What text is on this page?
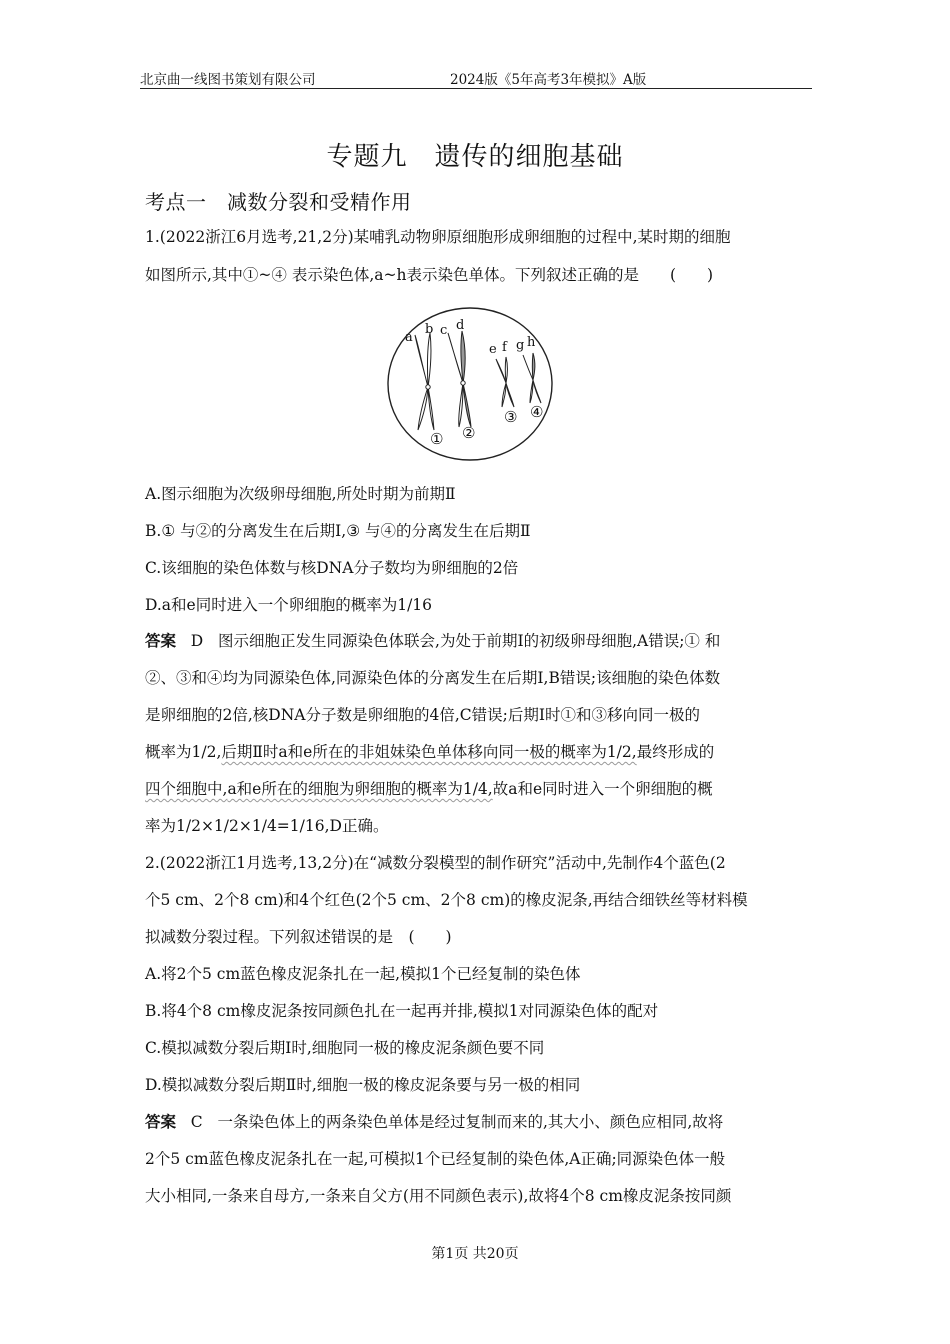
北京曲一线图书策划有限公司	2024版《5年高考3年模拟》A版
专题九　遗传的细胞基础
考点一　减数分裂和受精作用
1.(2022浙江6月选考,21,2分)某哺乳动物卵原细胞形成卵细胞的过程中,某时期的细胞
如图所示,其中①~④ 表示染色体,a~h表示染色单体。下列叙述正确的是　　(　　)
a
b c d
e f g h
① ②
③ ④
A.图示细胞为次级卵母细胞,所处时期为前期Ⅱ
B.① 与②的分离发生在后期Ⅰ,③ 与④的分离发生在后期Ⅱ
C.该细胞的染色体数与核DNA分子数均为卵细胞的2倍
D.a和e同时进入一个卵细胞的概率为1/16
答案 D 图示细胞正发生同源染色体联会,为处于前期Ⅰ的初级卵母细胞,A错误;① 和
②、③和④均为同源染色体,同源染色体的分离发生在后期Ⅰ,B错误;该细胞的染色体数
是卵细胞的2倍,核DNA分子数是卵细胞的4倍,C错误;后期Ⅰ时①和③移向同一极的
概率为1/2,后期Ⅱ时a和e所在的非姐妹染色单体移向同一极的概率为1/2,最终形成的
四个细胞中,a和e所在的细胞为卵细胞的概率为1/4,故a和e同时进入一个卵细胞的概
率为1/2×1/2×1/4=1/16,D正确。
2.(2022浙江1月选考,13,2分)在“减数分裂模型的制作研究”活动中,先制作4个蓝色(2
个5 cm、2个8 cm)和4个红色(2个5 cm、2个8 cm)的橡皮泥条,再结合细铁丝等材料模
拟减数分裂过程。下列叙述错误的是　(　　)
A.将2个5 cm蓝色橡皮泥条扎在一起,模拟1个已经复制的染色体
B.将4个8 cm橡皮泥条按同颜色扎在一起再并排,模拟1对同源染色体的配对
C.模拟减数分裂后期Ⅰ时,细胞同一极的橡皮泥条颜色要不同
D.模拟减数分裂后期Ⅱ时,细胞一极的橡皮泥条要与另一极的相同
答案 C 一条染色体上的两条染色单体是经过复制而来的,其大小、颜色应相同,故将
2个5 cm蓝色橡皮泥条扎在一起,可模拟1个已经复制的染色体,A正确;同源染色体一般
大小相同,一条来自母方,一条来自父方(用不同颜色表示),故将4个8 cm橡皮泥条按同颜
第1页 共20页
